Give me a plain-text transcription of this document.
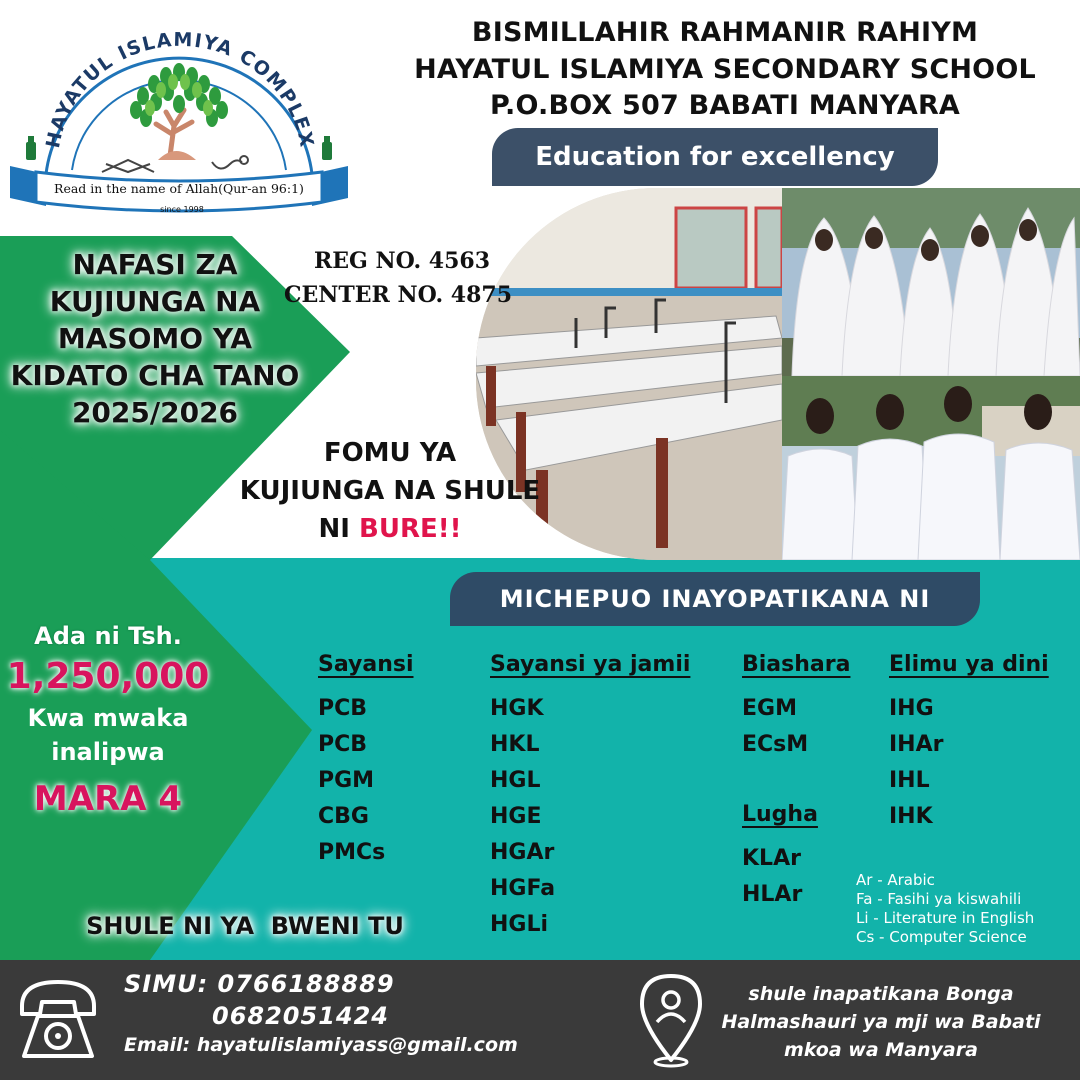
HAYATUL ISLAMIYA COMPLEX
Read in the name of Allah(Qur-an 96:1)
since 1998
BISMILLAHIR RAHMANIR RAHIYM
HAYATUL ISLAMIYA SECONDARY SCHOOL
P.O.BOX 507 BABATI MANYARA
Education for excellency
NAFASI ZA
KUJIUNGA NA
MASOMO YA
KIDATO CHA TANO
2025/2026
REG NO. 4563
CENTER NO. 4875
FOMU YA
KUJIUNGA NA SHULE
NI BURE!!
Ada ni Tsh.
1,250,000
Kwa mwaka
inalipwa
MARA 4
SHULE NI YA  BWENI TU
MICHEPUO INAYOPATIKANA NI
Sayansi
PCB
PCB
PGM
CBG
PMCs
Sayansi ya jamii
HGK
HKL
HGL
HGE
HGAr
HGFa
HGLi
Biashara
EGM
ECsM
Lugha
KLAr
HLAr
Elimu ya dini
IHG
IHAr
IHL
IHK
Ar - Arabic
Fa - Fasihi ya kiswahili
Li - Literature in English
Cs - Computer Science
SIMU: 0766188889
0682051424
Email: hayatulislamiyass@gmail.com
shule inapatikana Bonga
Halmashauri ya mji wa Babati
mkoa wa Manyara
